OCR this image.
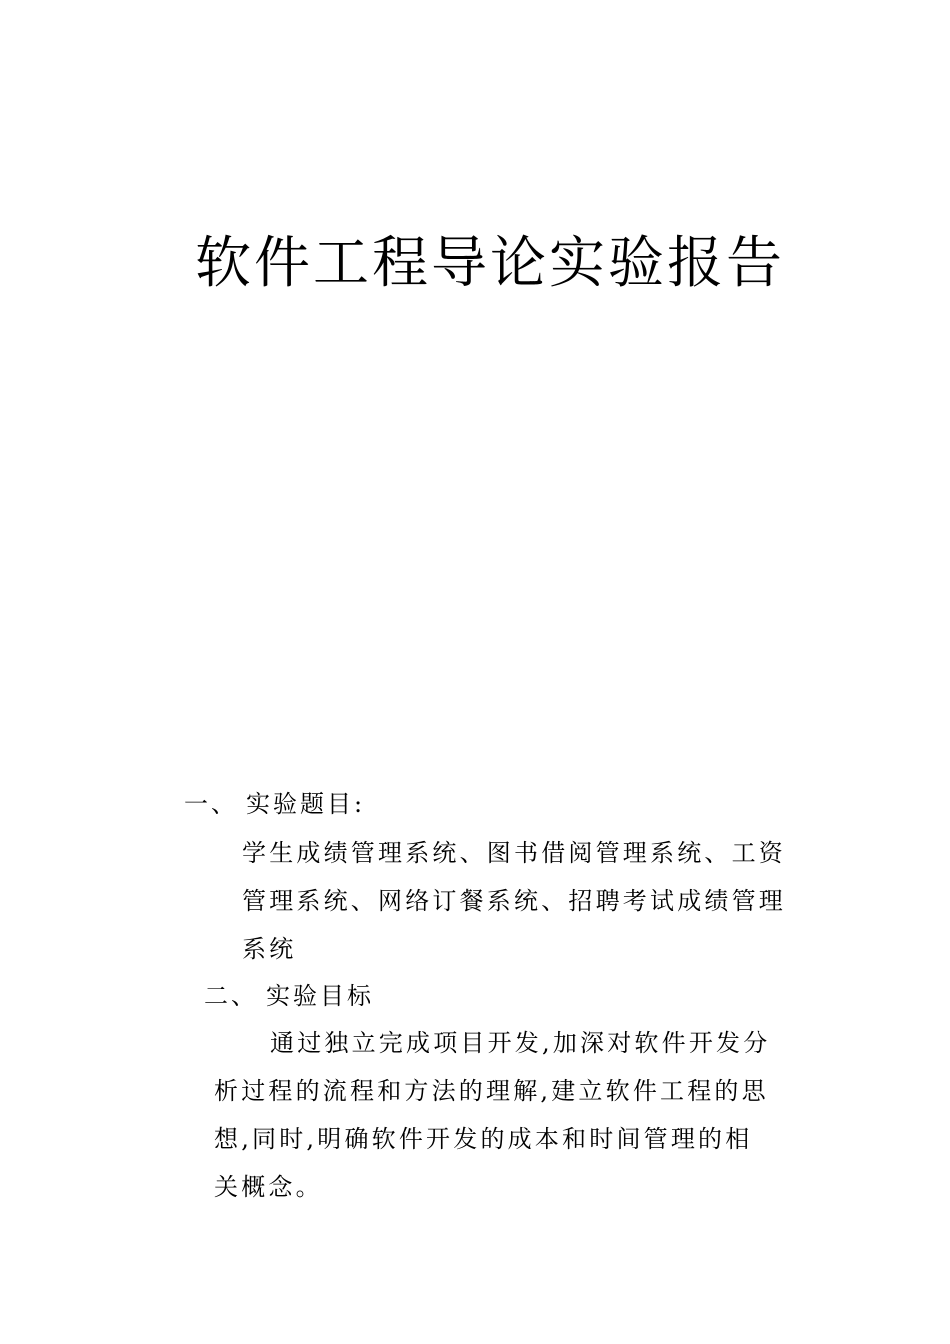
软件工程导论实验报告
一、 实验题目:
学生成绩管理系统、图书借阅管理系统、工资
管理系统、网络订餐系统、招聘考试成绩管理
系统
二、 实验目标
通过独立完成项目开发,加深对软件开发分
析过程的流程和方法的理解,建立软件工程的思
想,同时,明确软件开发的成本和时间管理的相
关概念。
